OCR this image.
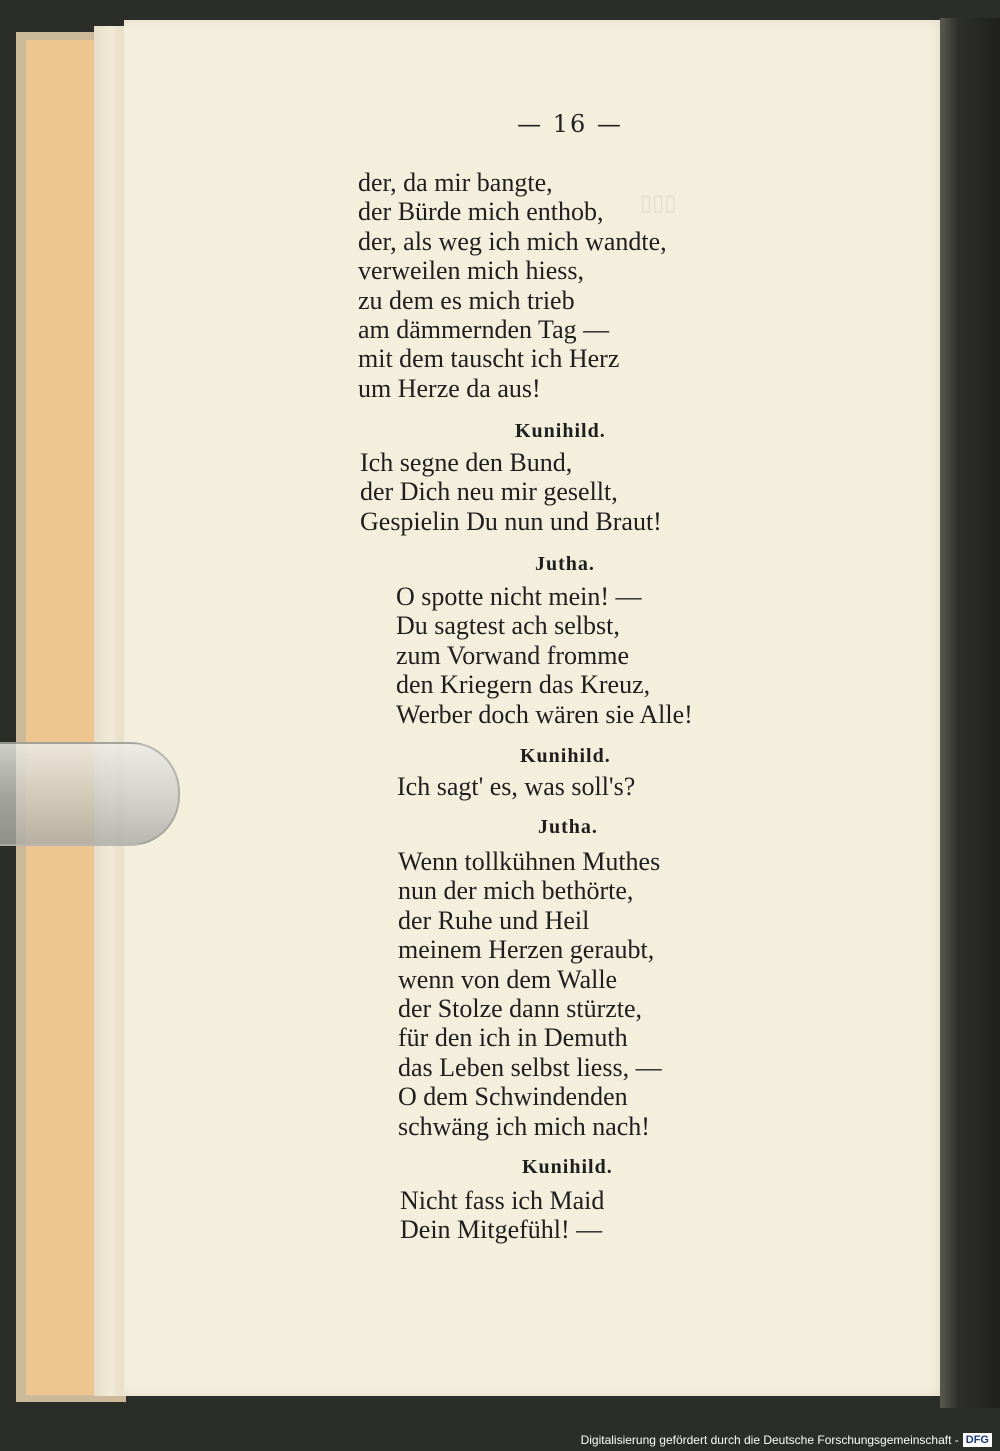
▯▯▯
— 16 —
der, da mir bangte,
der Bürde mich enthob,
der, als weg ich mich wandte,
verweilen mich hiess,
zu dem es mich trieb
am dämmernden Tag —
mit dem tauscht ich Herz
um Herze da aus!
Kunihild.
Ich segne den Bund,
der Dich neu mir gesellt,
Gespielin Du nun und Braut!
Jutha.
O spotte nicht mein! —
Du sagtest ach selbst,
zum Vorwand fromme
den Kriegern das Kreuz,
Werber doch wären sie Alle!
Kunihild.
Ich sagt' es, was soll's?
Jutha.
Wenn tollkühnen Muthes
nun der mich bethörte,
der Ruhe und Heil
meinem Herzen geraubt,
wenn von dem Walle
der Stolze dann stürzte,
für den ich in Demuth
das Leben selbst liess, —
O dem Schwindenden
schwäng ich mich nach!
Kunihild.
Nicht fass ich Maid
Dein Mitgefühl! —
Digitalisierung gefördert durch die Deutsche Forschungsgemeinschaft - DFG
